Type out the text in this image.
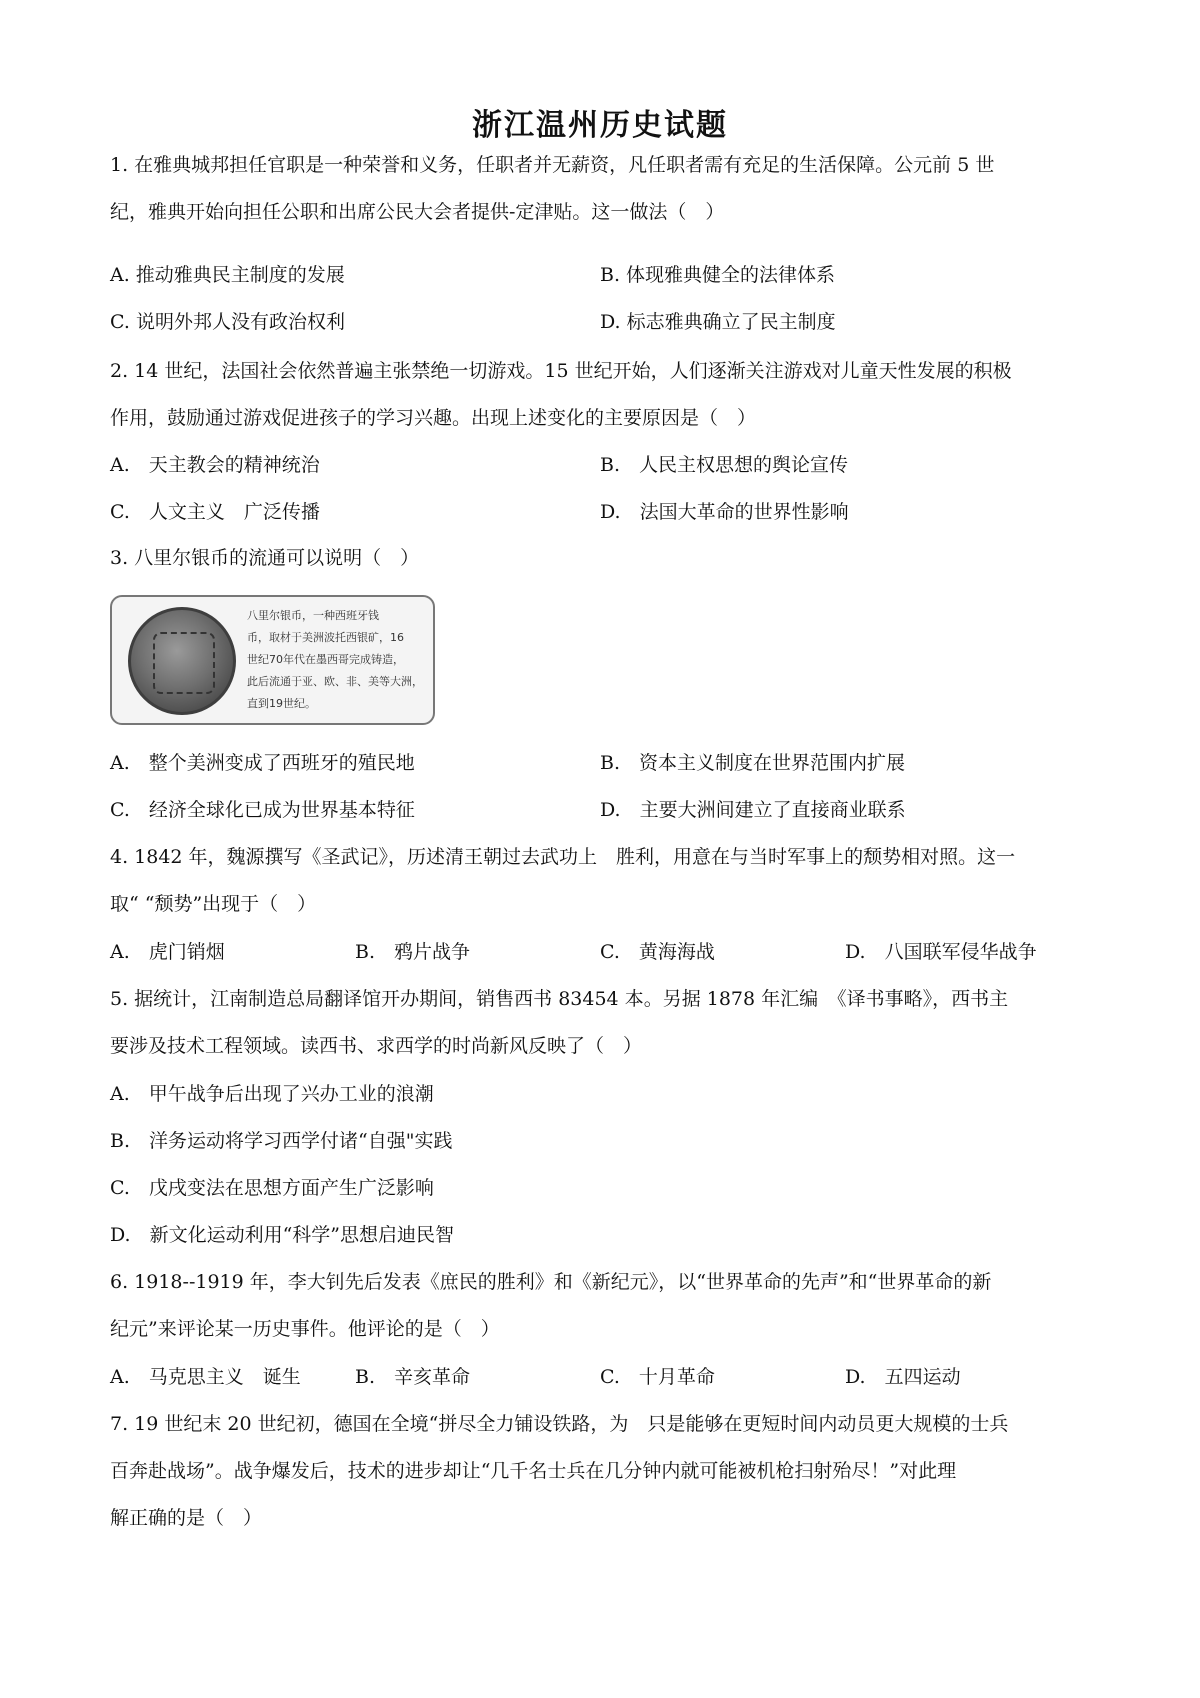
浙江温州历史试题
1. 在雅典城邦担任官职是一种荣誉和义务，任职者并无薪资，凡任职者需有充足的生活保障。公元前 5 世
纪，雅典开始向担任公职和出席公民大会者提供-定津贴。这一做法（　）
A. 推动雅典民主制度的发展	B. 体现雅典健全的法律体系
C. 说明外邦人没有政治权利	D. 标志雅典确立了民主制度
2. 14 世纪，法国社会依然普遍主张禁绝一切游戏。15 世纪开始，人们逐渐关注游戏对儿童天性发展的积极
作用，鼓励通过游戏促进孩子的学习兴趣。出现上述变化的主要原因是（　）
A.　天主教会的精神统治	B.　人民主权思想的舆论宣传
C.　人文主义　广泛传播	D.　法国大革命的世界性影响
3. 八里尔银币的流通可以说明（　）
八里尔银币，一种西班牙钱
币，取材于美洲波托西银矿，16
世纪70年代在墨西哥完成铸造，
此后流通于亚、欧、非、美等大洲，
直到19世纪。
A.　整个美洲变成了西班牙的殖民地	B.　资本主义制度在世界范围内扩展
C.　经济全球化已成为世界基本特征	D.　主要大洲间建立了直接商业联系
4. 1842 年，魏源撰写《圣武记》，历述清王朝过去武功上　胜利，用意在与当时军事上的颓势相对照。这一
取“ “颓势”出现于（　）
A.　虎门销烟	B.　鸦片战争	C.　黄海海战	D.　八国联军侵华战争
5. 据统计，江南制造总局翻译馆开办期间，销售西书 83454 本。另据 1878 年汇编　《译书事略》，西书主
要涉及技术工程领域。读西书、求西学的时尚新风反映了（　）
A.　甲午战争后出现了兴办工业的浪潮
B.　洋务运动将学习西学付诸“自强"实践
C.　戊戌变法在思想方面产生广泛影响
D.　新文化运动利用“科学”思想启迪民智
6. 1918--1919 年，李大钊先后发表《庶民的胜利》和《新纪元》，以“世界革命的先声”和“世界革命的新
纪元”来评论某一历史事件。他评论的是（　）
A.　马克思主义　诞生	B.　辛亥革命	C.　十月革命	D.　五四运动
7. 19 世纪末 20 世纪初，德国在全境“拼尽全力铺设铁路，为　只是能够在更短时间内动员更大规模的士兵
百奔赴战场”。战争爆发后，技术的进步却让“几千名士兵在几分钟内就可能被机枪扫射殆尽！”对此理
解正确的是（　）
